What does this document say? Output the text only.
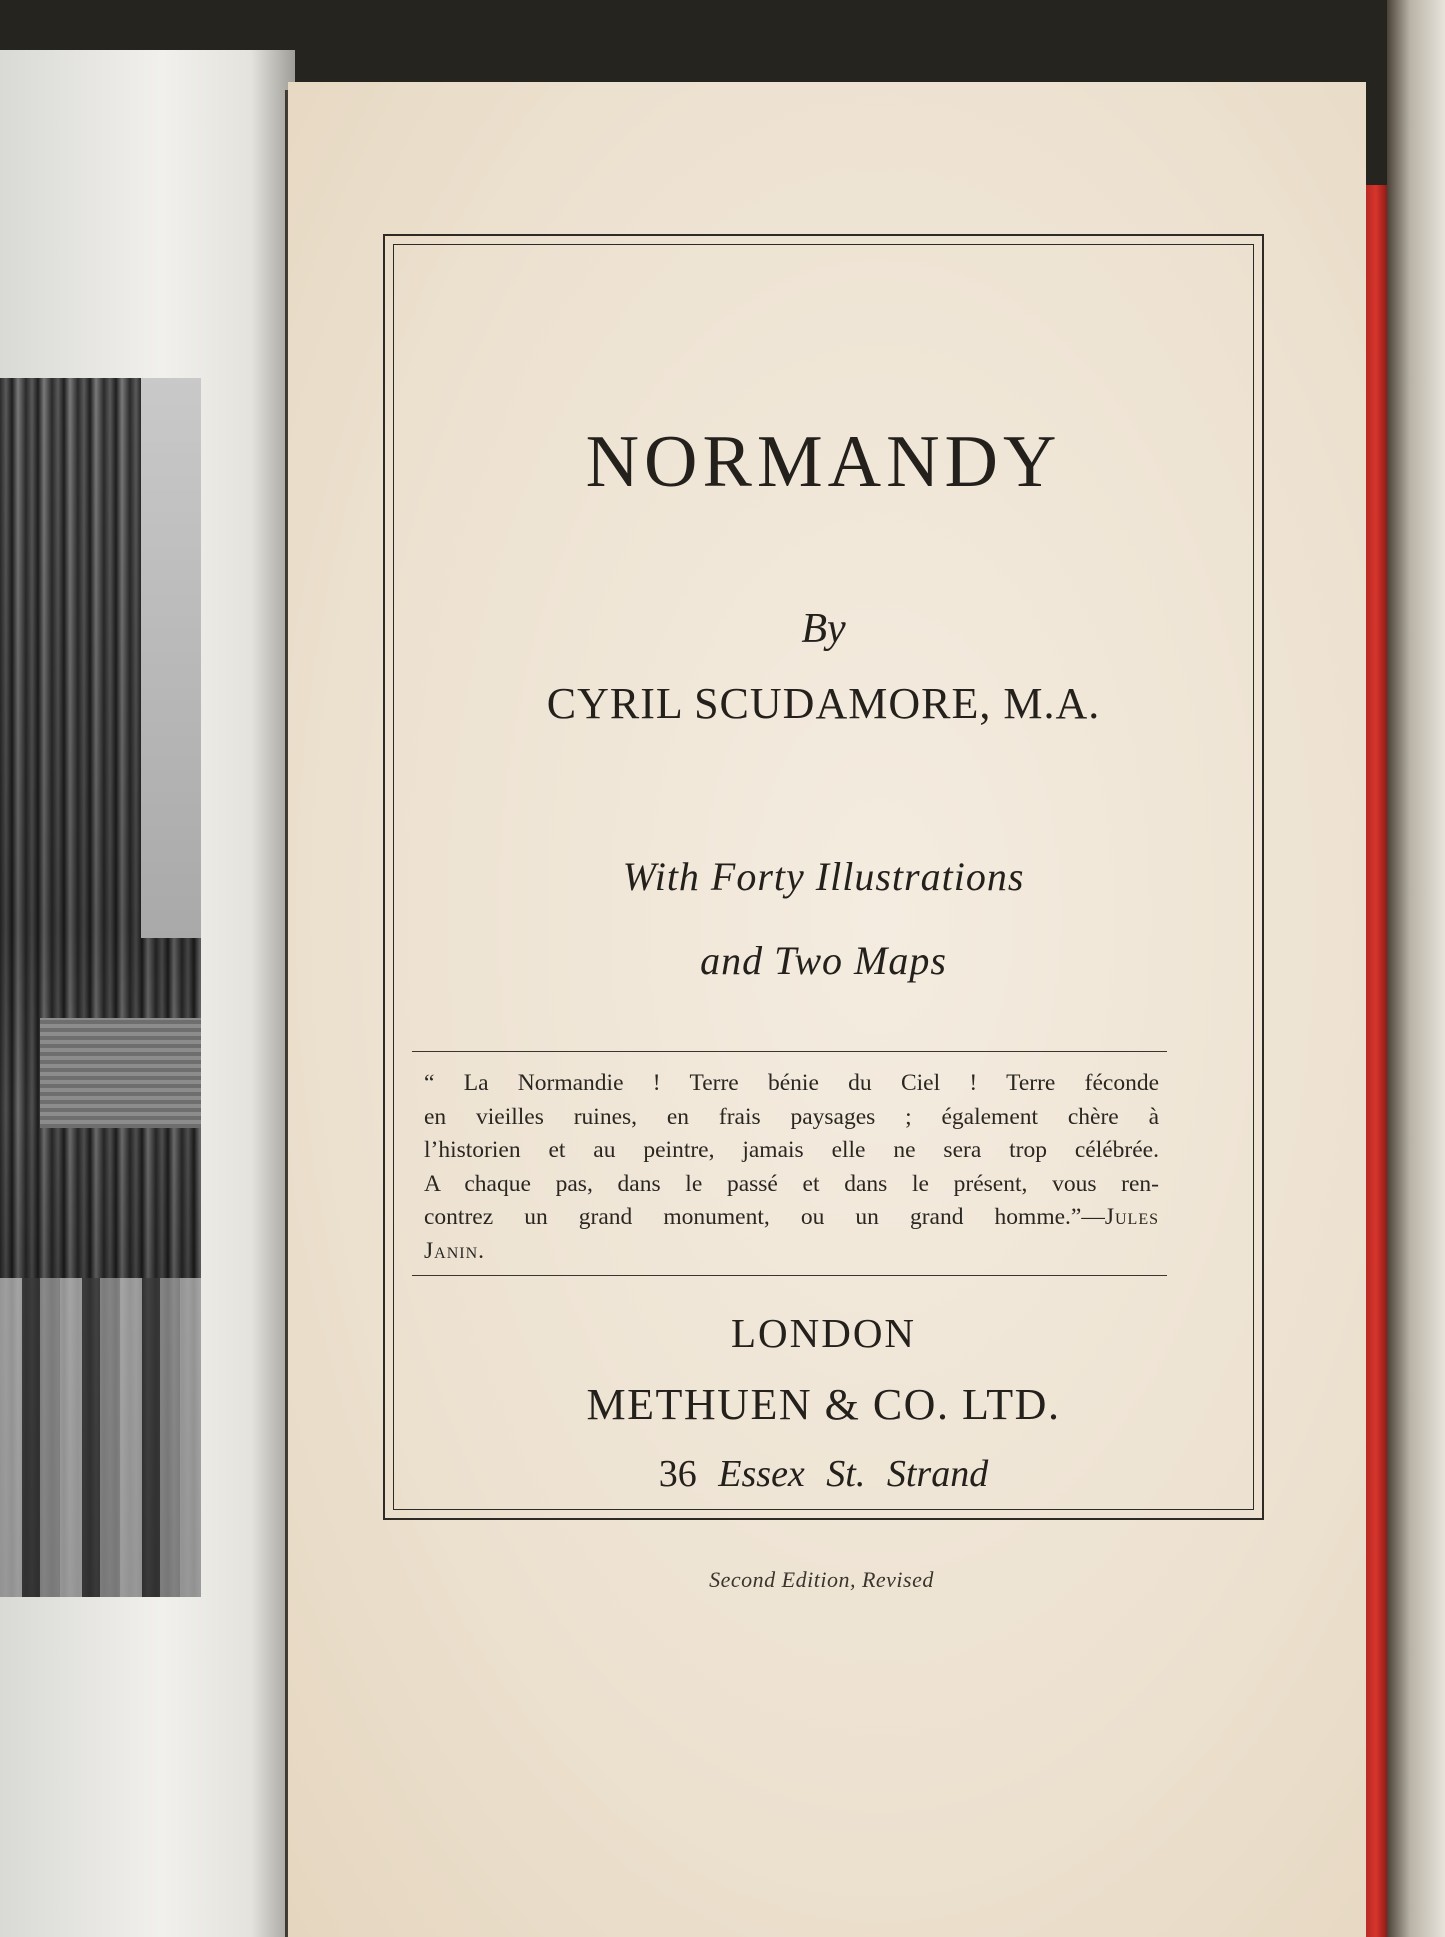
NORMANDY
By
CYRIL SCUDAMORE, M.A.
With Forty Illustrations
and Two Maps
“ La Normandie ! Terre bénie du Ciel ! Terre féconde
en vieilles ruines, en frais paysages ; également chère à
l’historien et au peintre, jamais elle ne sera trop célébrée.
A chaque pas, dans le passé et dans le présent, vous ren-
contrez un grand monument, ou un grand homme.”—Jules
Janin.
LONDON
METHUEN & CO. LTD.
36 Essex St. Strand
Second Edition, Revised
